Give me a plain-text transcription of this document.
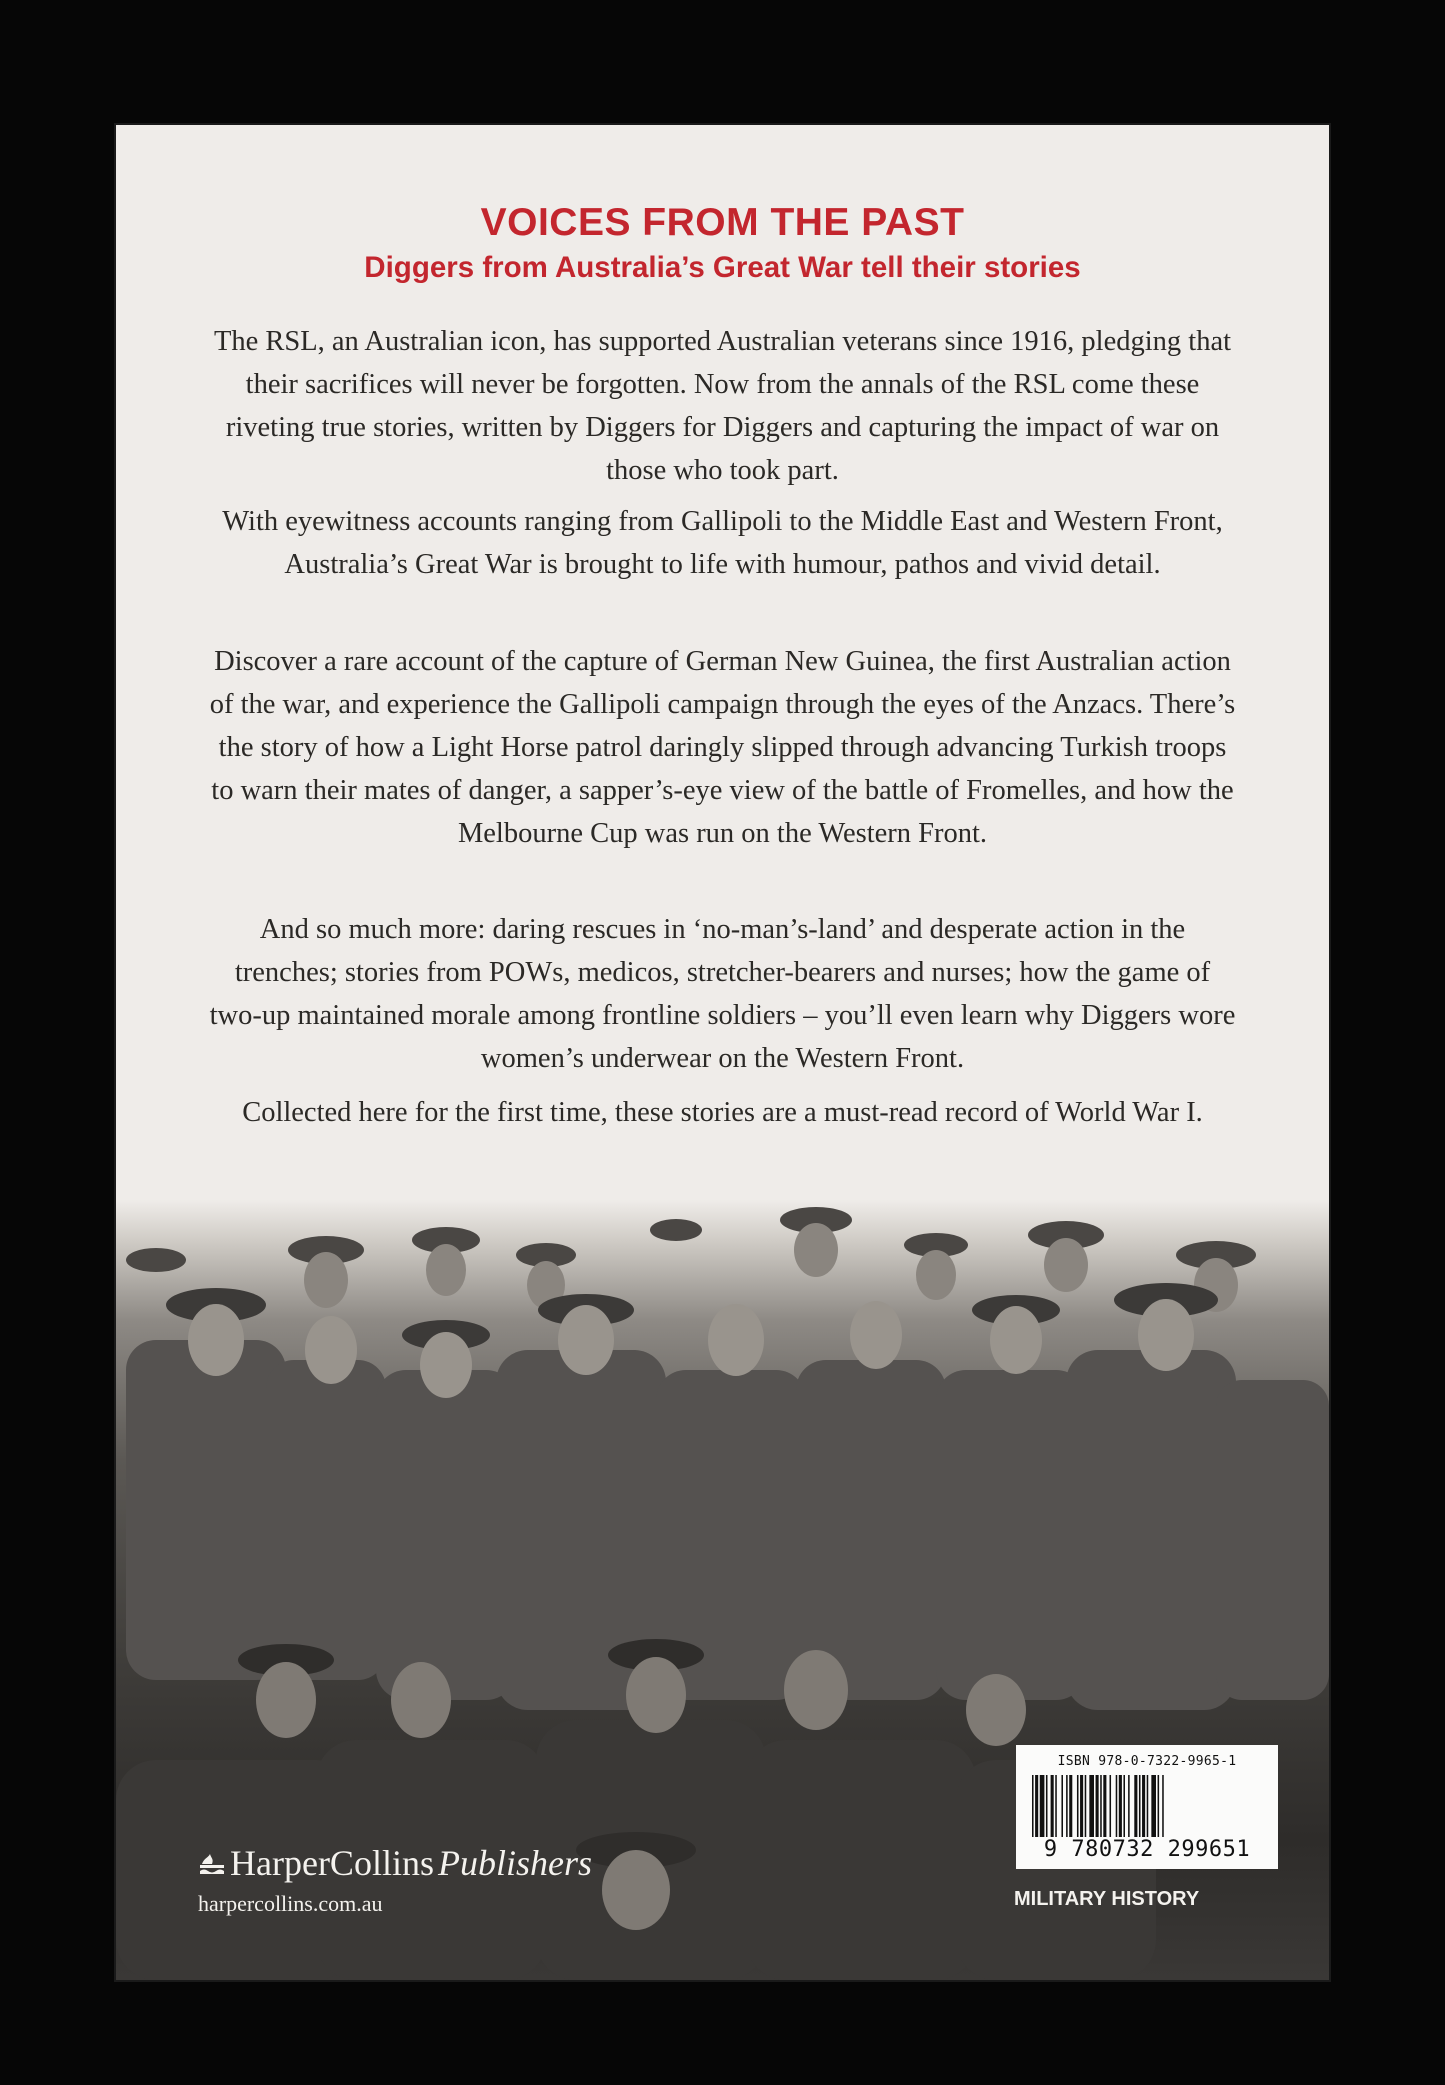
VOICES FROM THE PAST
Diggers from Australia’s Great War tell their stories

The RSL, an Australian icon, has supported Australian veterans since 1916, pledging that their sacrifices will never be forgotten. Now from the annals of the RSL come these riveting true stories, written by Diggers for Diggers and capturing the impact of war on those who took part.

With eyewitness accounts ranging from Gallipoli to the Middle East and Western Front, Australia’s Great War is brought to life with humour, pathos and vivid detail.

Discover a rare account of the capture of German New Guinea, the first Australian action of the war, and experience the Gallipoli campaign through the eyes of the Anzacs. There’s the story of how a Light Horse patrol daringly slipped through advancing Turkish troops to warn their mates of danger, a sapper’s-eye view of the battle of Fromelles, and how the Melbourne Cup was run on the Western Front.

And so much more: daring rescues in ‘no-man’s-land’ and desperate action in the trenches; stories from POWs, medicos, stretcher-bearers and nurses; how the game of two-up maintained morale among frontline soldiers – you’ll even learn why Diggers wore women’s underwear on the Western Front.

Collected here for the first time, these stories are a must-read record of World War I.

HarperCollins Publishers
harpercollins.com.au
ISBN 978-0-7322-9965-1
9 780732 299651
MILITARY HISTORY
